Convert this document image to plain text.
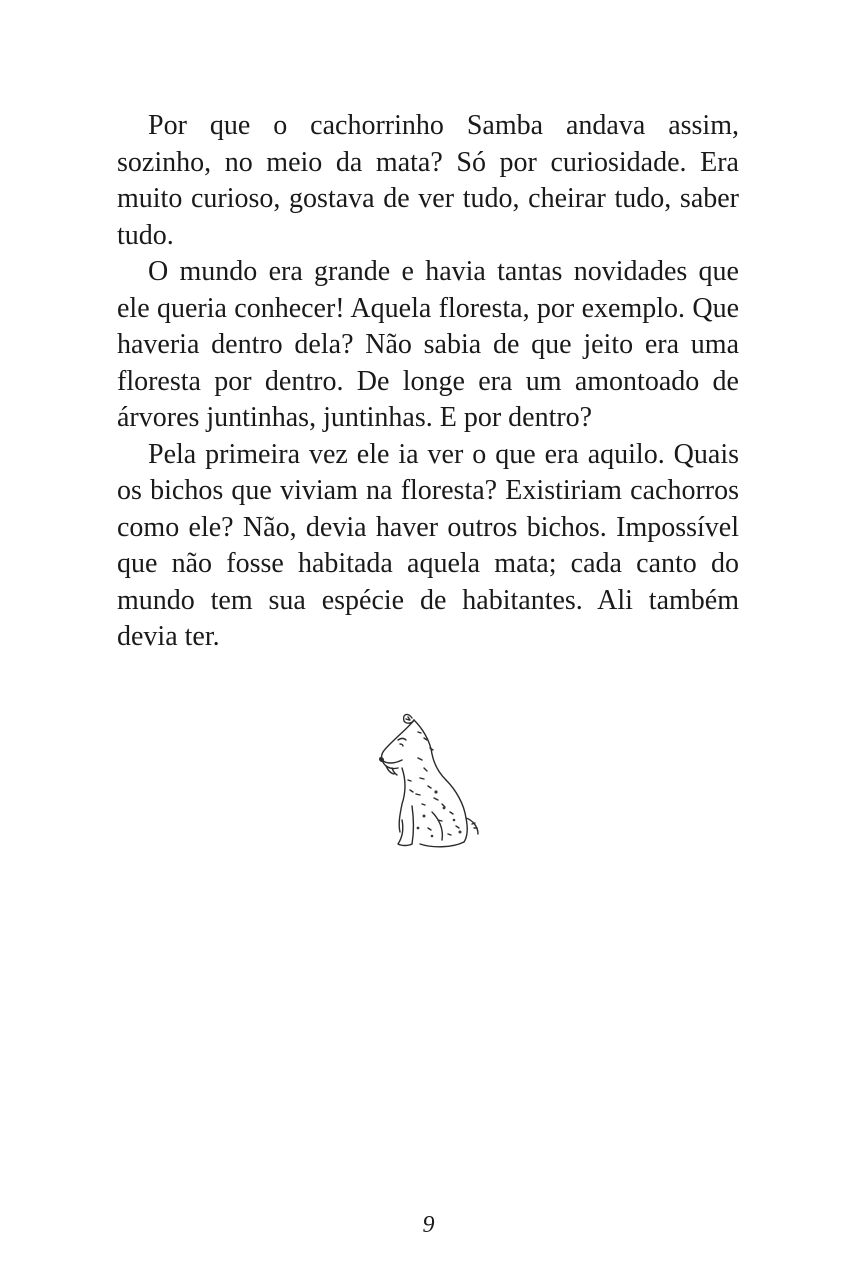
Por que o cachorrinho Samba andava assim, sozinho, no meio da mata? Só por curiosidade. Era muito curioso, gostava de ver tudo, cheirar tudo, saber tudo.

O mundo era grande e havia tantas novidades que ele queria conhecer! Aquela floresta, por exemplo. Que haveria dentro dela? Não sabia de que jeito era uma floresta por dentro. De longe era um amontoado de árvores juntinhas, juntinhas. E por dentro?

Pela primeira vez ele ia ver o que era aquilo. Quais os bichos que viviam na floresta? Existiriam cachorros como ele? Não, devia haver outros bichos. Impossível que não fosse habitada aquela mata; cada canto do mundo tem sua espécie de habitantes. Ali também devia ter.

9
